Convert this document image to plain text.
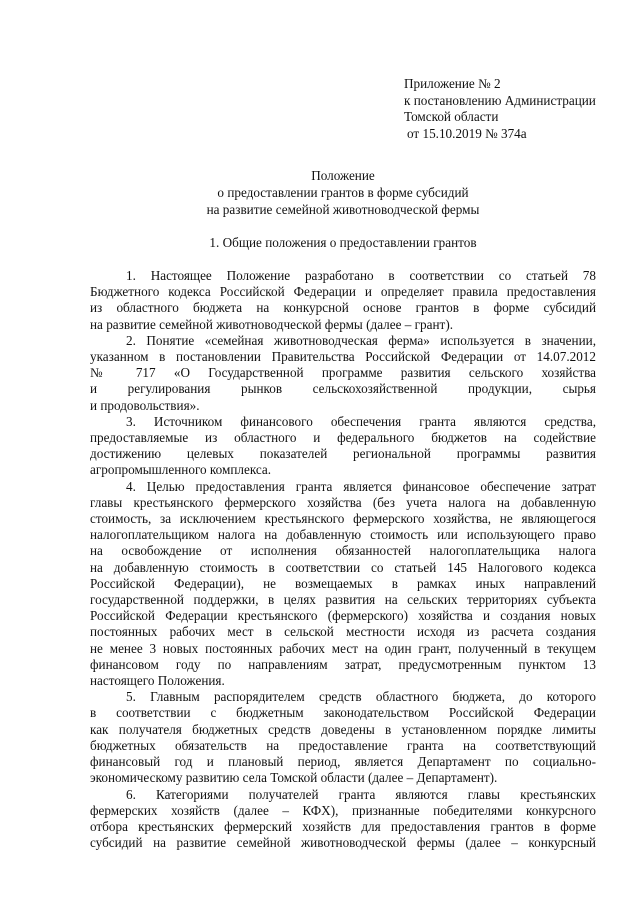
Приложение № 2
к постановлению Администрации
Томской области
от 15.10.2019 № 374а
Положение
о предоставлении грантов в форме субсидий
на развитие семейной животноводческой фермы
1. Общие положения о предоставлении грантов

1. Настоящее Положение разработано в соответствии со статьей 78
Бюджетного кодекса Российской Федерации и определяет правила предоставления
из областного бюджета на конкурсной основе грантов в форме субсидий
на развитие семейной животноводческой фермы (далее – грант).

2. Понятие «семейная животноводческая ферма» используется в значении,
указанном в постановлении Правительства Российской Федерации от 14.07.2012
№ 717 «О Государственной программе развития сельского хозяйства
и регулирования рынков сельскохозяйственной продукции, сырья
и продовольствия».

3. Источником финансового обеспечения гранта являются средства,
предоставляемые из областного и федерального бюджетов на содействие
достижению целевых показателей региональной программы развития
агропромышленного комплекса.

4. Целью предоставления гранта является финансовое обеспечение затрат
главы крестьянского фермерского хозяйства (без учета налога на добавленную
стоимость, за исключением крестьянского фермерского хозяйства, не являющегося
налогоплательщиком налога на добавленную стоимость или использующего право
на освобождение от исполнения обязанностей налогоплательщика налога
на добавленную стоимость в соответствии со статьей 145 Налогового кодекса
Российской Федерации), не возмещаемых в рамках иных направлений
государственной поддержки, в целях развития на сельских территориях субъекта
Российской Федерации крестьянского (фермерского) хозяйства и создания новых
постоянных рабочих мест в сельской местности исходя из расчета создания
не менее 3 новых постоянных рабочих мест на один грант, полученный в текущем
финансовом году по направлениям затрат, предусмотренным пунктом 13
настоящего Положения.

5. Главным распорядителем средств областного бюджета, до которого
в соответствии с бюджетным законодательством Российской Федерации
как получателя бюджетных средств доведены в установленном порядке лимиты
бюджетных обязательств на предоставление гранта на соответствующий
финансовый год и плановый период, является Департамент по социально-
экономическому развитию села Томской области (далее – Департамент).

6. Категориями получателей гранта являются главы крестьянских
фермерских хозяйств (далее – КФХ), признанные победителями конкурсного
отбора крестьянских фермерский хозяйств для предоставления грантов в форме
субсидий на развитие семейной животноводческой фермы (далее – конкурсный
